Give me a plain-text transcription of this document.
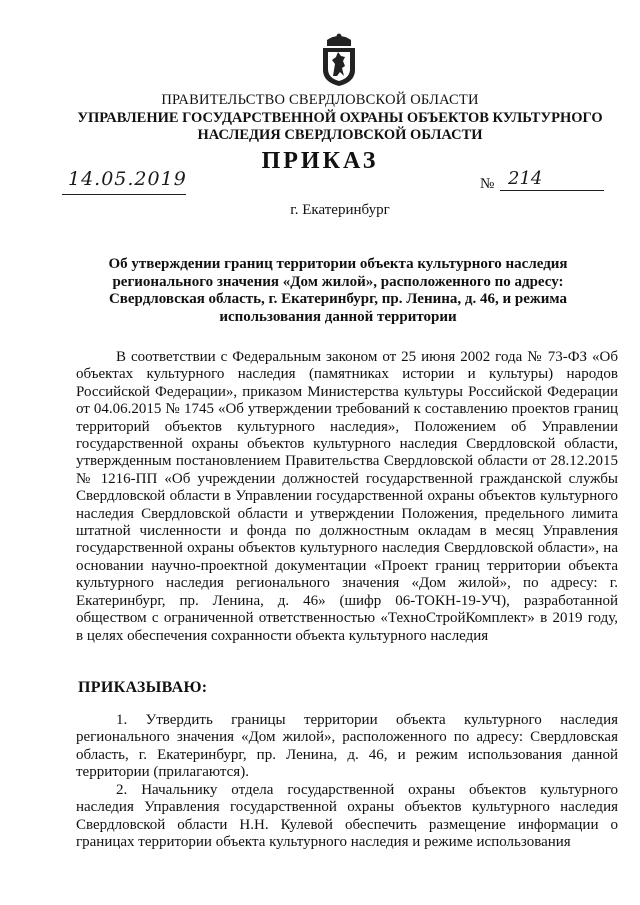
ПРАВИТЕЛЬСТВО СВЕРДЛОВСКОЙ ОБЛАСТИ
УПРАВЛЕНИЕ ГОСУДАРСТВЕННОЙ ОХРАНЫ ОБЪЕКТОВ КУЛЬТУРНОГО НАСЛЕДИЯ СВЕРДЛОВСКОЙ ОБЛАСТИ
ПРИКАЗ
14.05.2019	№ 214
г. Екатеринбург
Об утверждении границ территории объекта культурного наследия регионального значения «Дом жилой», расположенного по адресу: Свердловская область, г. Екатеринбург, пр. Ленина, д. 46, и режима использования данной территории
В соответствии с Федеральным законом от 25 июня 2002 года № 73-ФЗ «Об объектах культурного наследия (памятниках истории и культуры) народов Российской Федерации», приказом Министерства культуры Российской Федерации от 04.06.2015 № 1745 «Об утверждении требований к составлению проектов границ территорий объектов культурного наследия», Положением об Управлении государственной охраны объектов культурного наследия Свердловской области, утвержденным постановлением Правительства Свердловской области от 28.12.2015 № 1216-ПП «Об учреждении должностей государственной гражданской службы Свердловской области в Управлении государственной охраны объектов культурного наследия Свердловской области и утверждении Положения, предельного лимита штатной численности и фонда по должностным окладам в месяц Управления государственной охраны объектов культурного наследия Свердловской области», на основании научно-проектной документации «Проект границ территории объекта культурного наследия регионального значения «Дом жилой», по адресу: г. Екатеринбург, пр. Ленина, д. 46» (шифр 06-ТОКН-19-УЧ), разработанной обществом с ограниченной ответственностью «ТехноСтройКомплект» в 2019 году, в целях обеспечения сохранности объекта культурного наследия
ПРИКАЗЫВАЮ:
1. Утвердить границы территории объекта культурного наследия регионального значения «Дом жилой», расположенного по адресу: Свердловская область, г. Екатеринбург, пр. Ленина, д. 46, и режим использования данной территории (прилагаются).
2. Начальнику отдела государственной охраны объектов культурного наследия Управления государственной охраны объектов культурного наследия Свердловской области Н.Н. Кулевой обеспечить размещение информации о границах территории объекта культурного наследия и режиме использования
